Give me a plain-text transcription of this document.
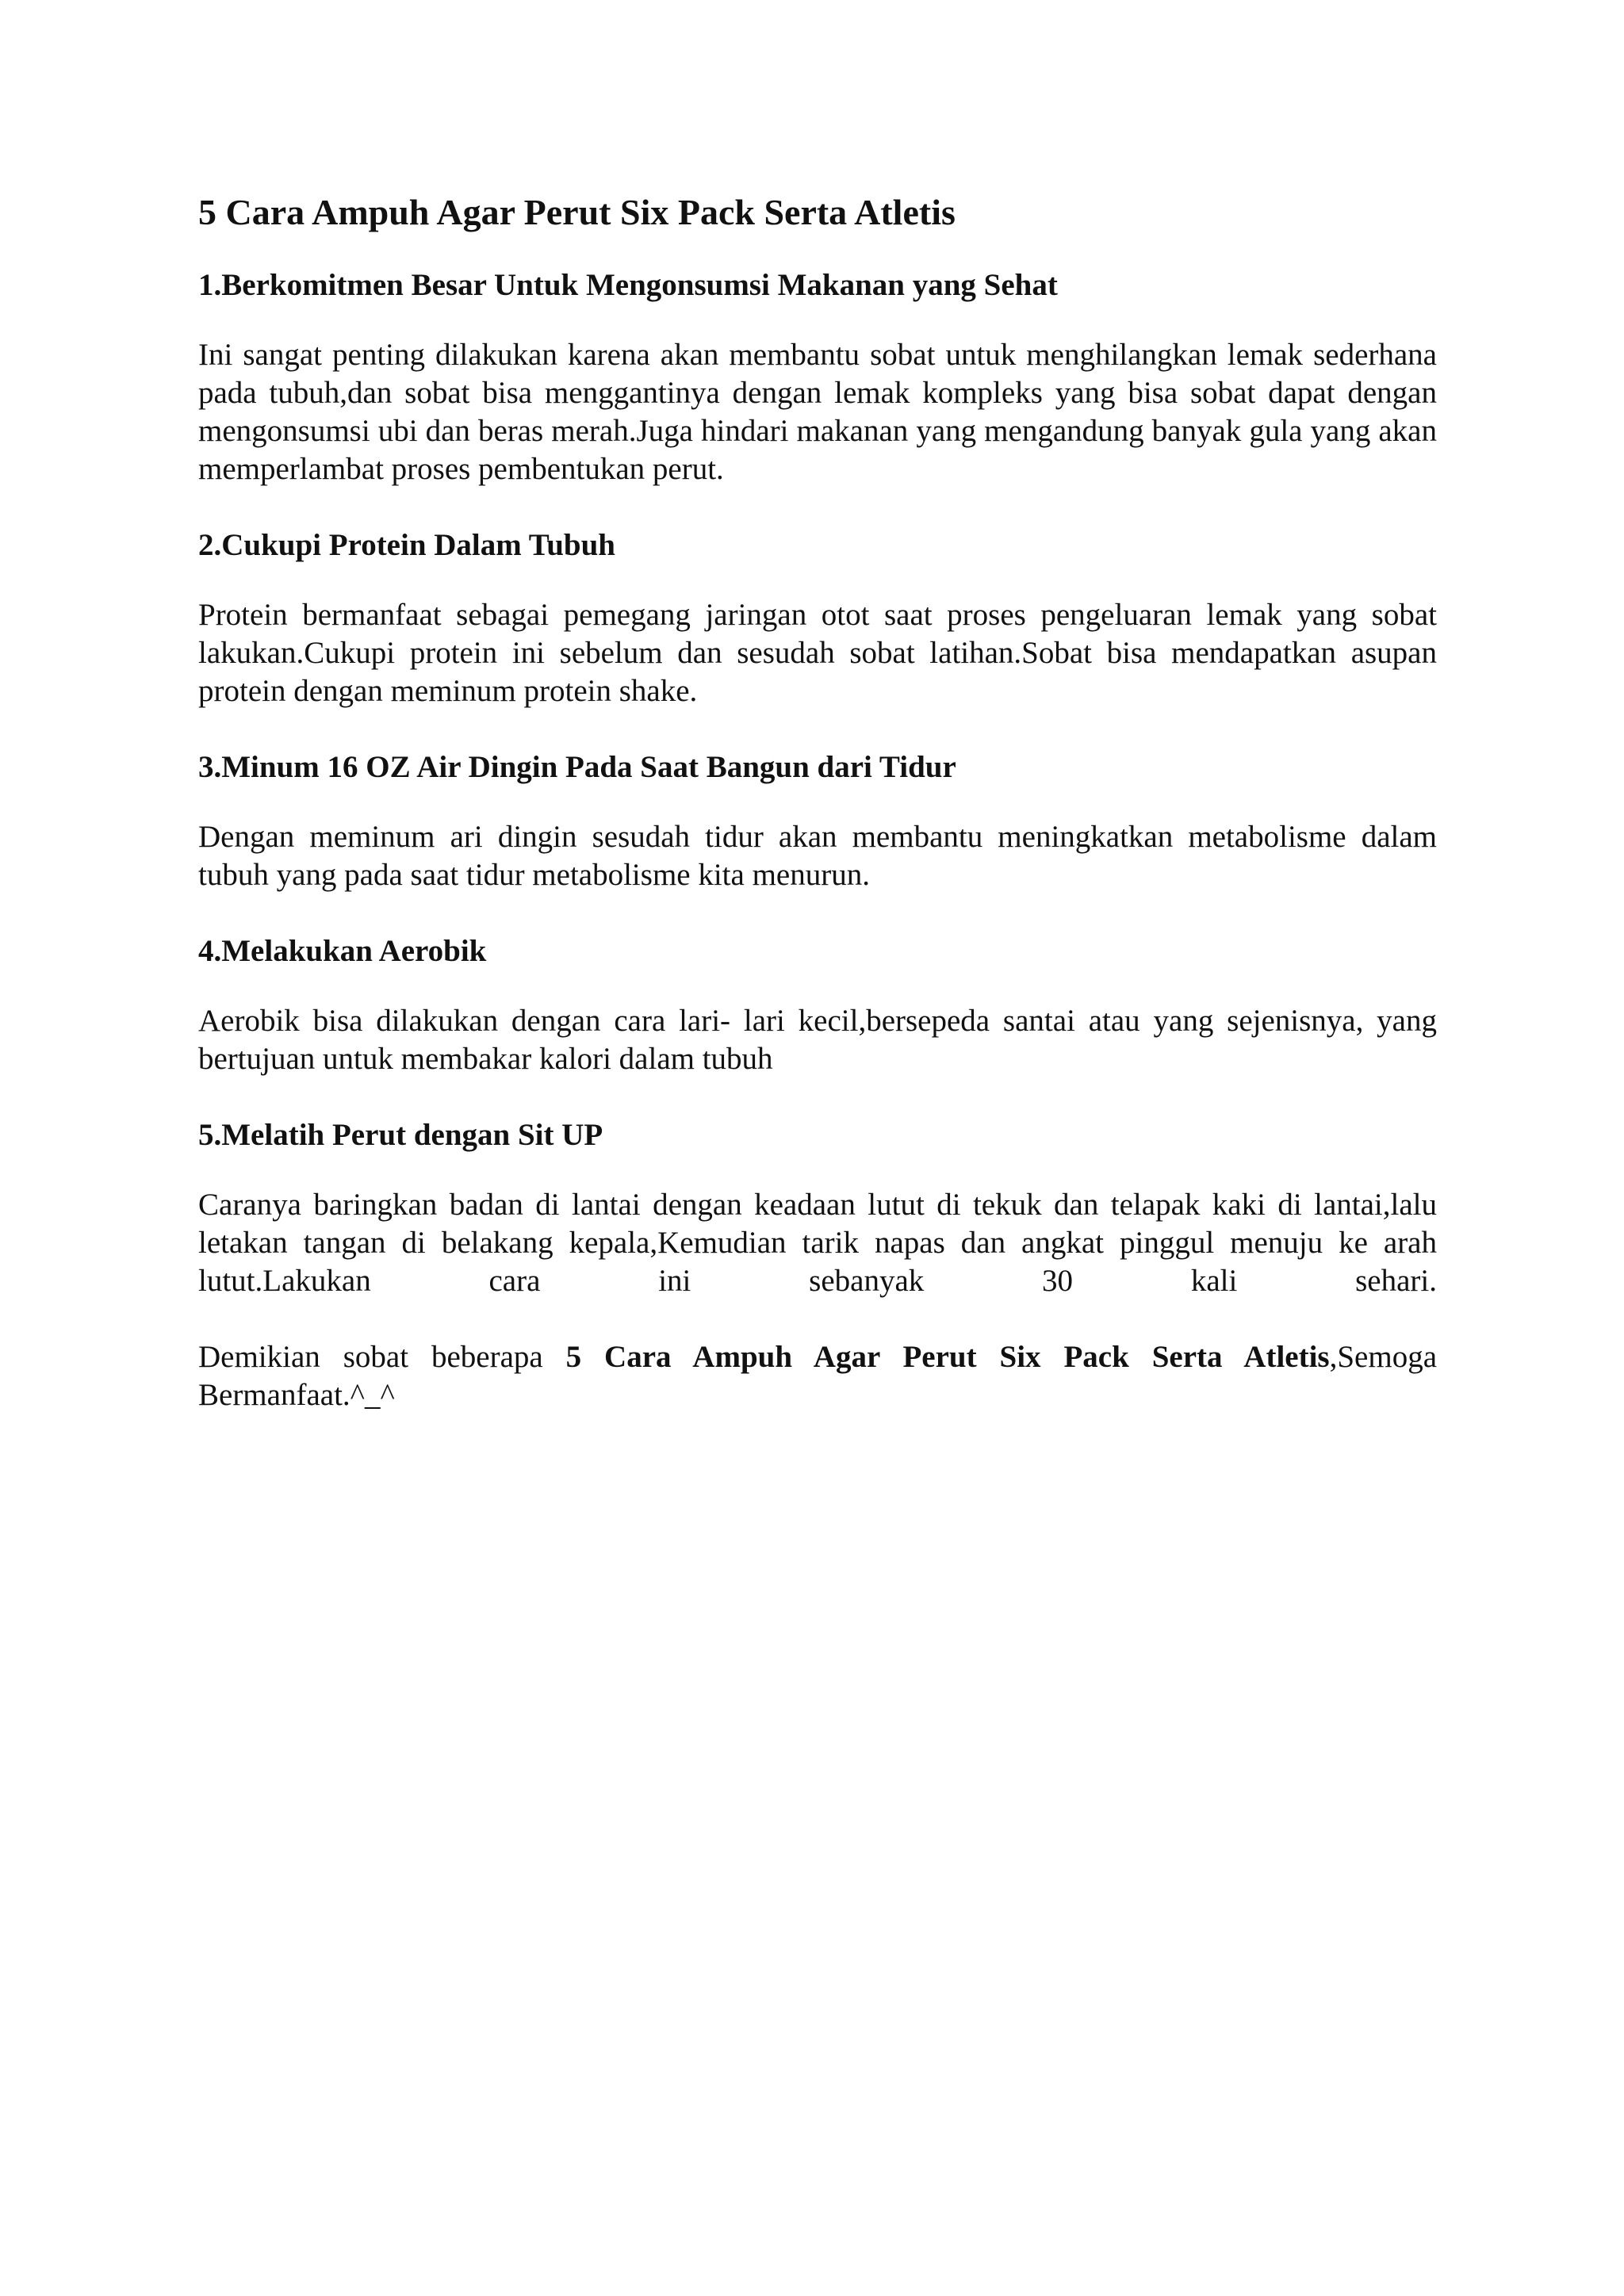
5 Cara Ampuh Agar Perut Six Pack Serta Atletis
1.Berkomitmen Besar Untuk Mengonsumsi Makanan yang Sehat
Ini sangat penting dilakukan karena akan membantu sobat untuk menghilangkan lemak sederhana pada tubuh,dan sobat bisa menggantinya dengan lemak kompleks yang bisa sobat dapat dengan mengonsumsi ubi dan beras merah.Juga hindari makanan yang mengandung banyak gula yang akan memperlambat proses pembentukan perut.
2.Cukupi Protein Dalam Tubuh
Protein bermanfaat sebagai pemegang jaringan otot saat proses pengeluaran lemak yang sobat lakukan.Cukupi protein ini sebelum dan sesudah sobat latihan.Sobat bisa mendapatkan asupan protein dengan meminum protein shake.
3.Minum 16 OZ Air Dingin Pada Saat Bangun dari Tidur
Dengan meminum ari dingin sesudah tidur akan membantu meningkatkan metabolisme dalam tubuh yang pada saat tidur metabolisme kita menurun.
4.Melakukan Aerobik
Aerobik bisa dilakukan dengan cara lari- lari kecil,bersepeda santai atau yang sejenisnya, yang bertujuan untuk membakar kalori dalam tubuh
5.Melatih Perut dengan Sit UP
Caranya baringkan badan di lantai dengan keadaan lutut di tekuk dan telapak kaki di lantai,lalu letakan tangan di belakang kepala,Kemudian tarik napas dan angkat pinggul menuju ke arah lutut.Lakukan cara ini sebanyak 30 kali sehari.

Demikian sobat beberapa 5 Cara Ampuh Agar Perut Six Pack Serta Atletis,Semoga Bermanfaat.^_^
